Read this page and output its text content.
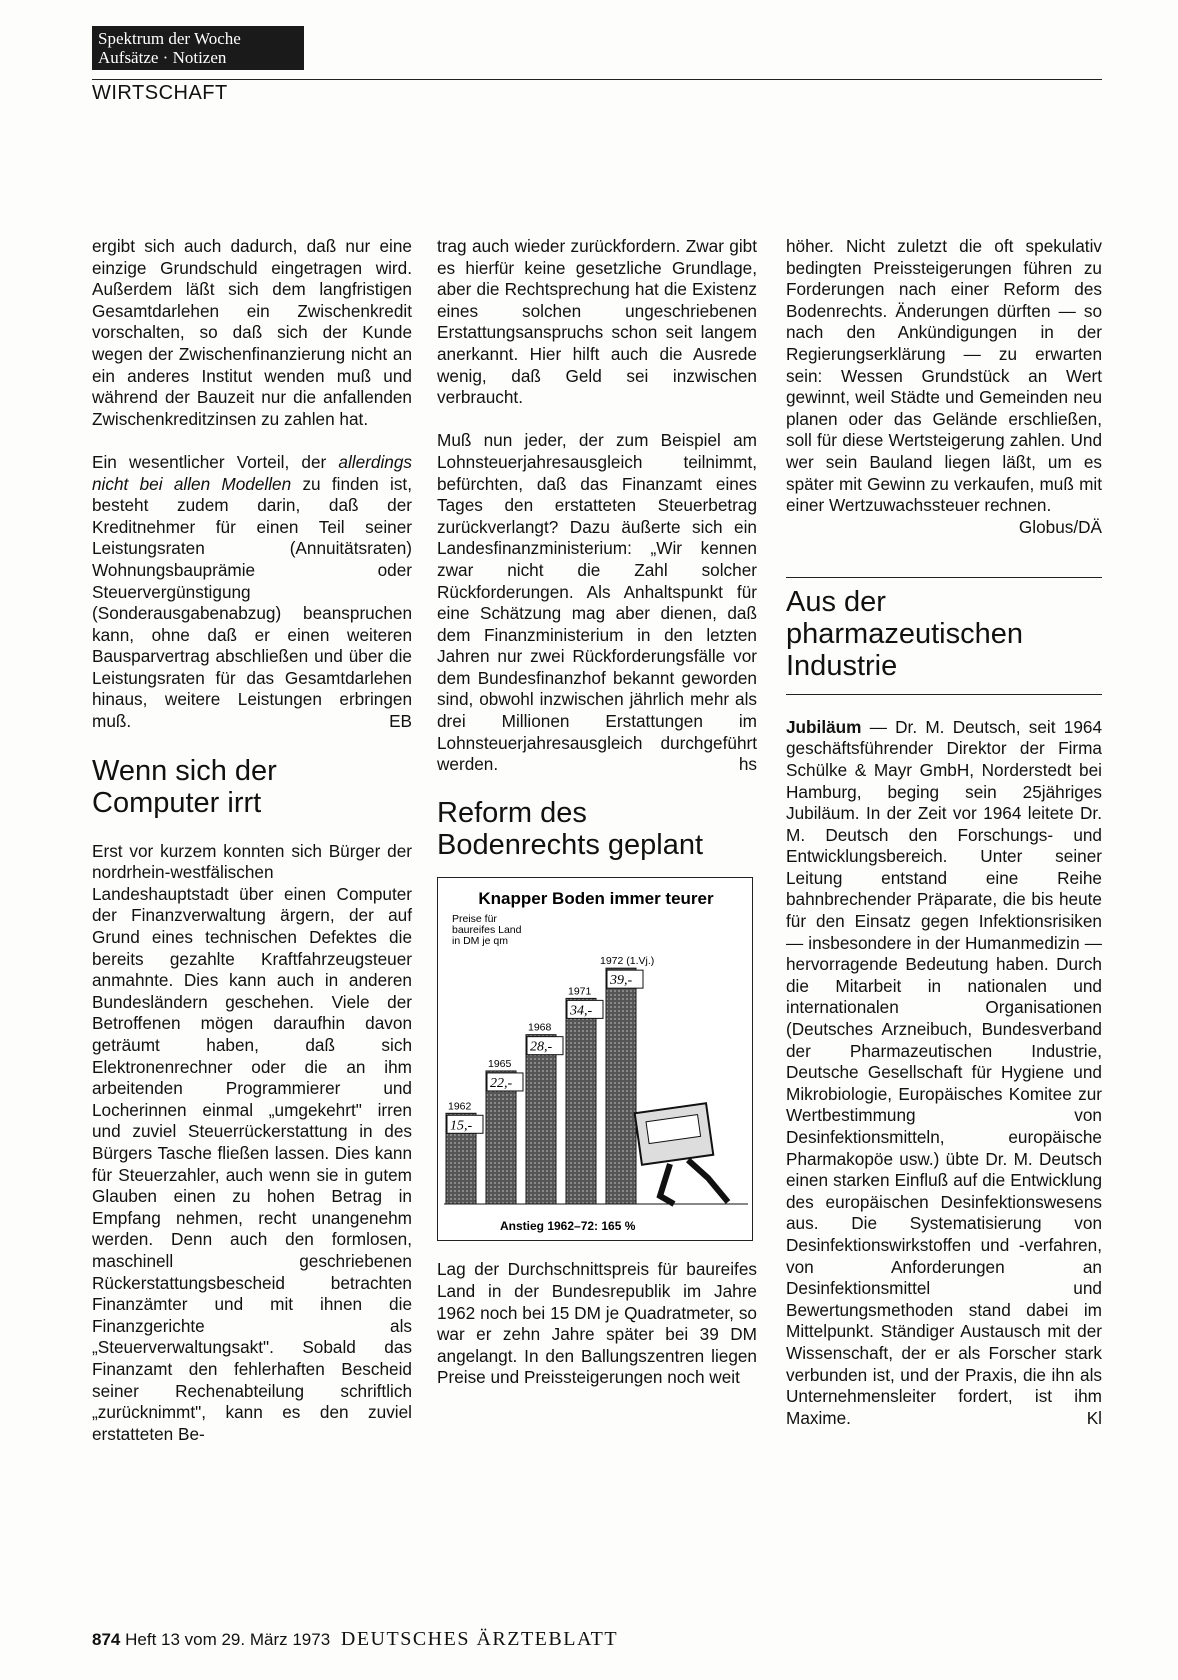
Spektrum der Woche
Aufsätze · Notizen
WIRTSCHAFT

ergibt sich auch dadurch, daß nur eine einzige Grundschuld eingetragen wird. Außerdem läßt sich dem langfristigen Gesamtdarlehen ein Zwischenkredit vorschalten, so daß sich der Kunde wegen der Zwischenfinanzierung nicht an ein anderes Institut wenden muß und während der Bauzeit nur die anfallenden Zwischenkreditzinsen zu zahlen hat.

Ein wesentlicher Vorteil, der allerdings nicht bei allen Modellen zu finden ist, besteht zudem darin, daß der Kreditnehmer für einen Teil seiner Leistungsraten (Annuitätsraten) Wohnungsbauprämie oder Steuervergünstigung (Sonderausgabenabzug) beanspruchen kann, ohne daß er einen weiteren Bausparvertrag abschließen und über die Leistungsraten für das Gesamtdarlehen hinaus, weitere Leistungen erbringen muß.	EB

Wenn sich der Computer irrt

Erst vor kurzem konnten sich Bürger der nordrhein-westfälischen Landeshauptstadt über einen Computer der Finanzverwaltung ärgern, der auf Grund eines technischen Defektes die bereits gezahlte Kraftfahrzeugsteuer anmahnte. Dies kann auch in anderen Bundesländern geschehen. Viele der Betroffenen mögen daraufhin davon geträumt haben, daß sich Elektronenrechner oder die an ihm arbeitenden Programmierer und Locherinnen einmal „umgekehrt" irren und zuviel Steuerrückerstattung in des Bürgers Tasche fließen lassen. Dies kann für Steuerzahler, auch wenn sie in gutem Glauben einen zu hohen Betrag in Empfang nehmen, recht unangenehm werden. Denn auch den formlosen, maschinell geschriebenen Rückerstattungsbescheid betrachten Finanzämter und mit ihnen die Finanzgerichte als „Steuerverwaltungsakt". Sobald das Finanzamt den fehlerhaften Bescheid seiner Rechenabteilung schriftlich „zurücknimmt", kann es den zuviel erstatteten Be-

trag auch wieder zurückfordern. Zwar gibt es hierfür keine gesetzliche Grundlage, aber die Rechtsprechung hat die Existenz eines solchen ungeschriebenen Erstattungsanspruchs schon seit langem anerkannt. Hier hilft auch die Ausrede wenig, daß Geld sei inzwischen verbraucht.

Muß nun jeder, der zum Beispiel am Lohnsteuerjahresausgleich teilnimmt, befürchten, daß das Finanzamt eines Tages den erstatteten Steuerbetrag zurückverlangt? Dazu äußerte sich ein Landesfinanzministerium: „Wir kennen zwar nicht die Zahl solcher Rückforderungen. Als Anhaltspunkt für eine Schätzung mag aber dienen, daß dem Finanzministerium in den letzten Jahren nur zwei Rückforderungsfälle vor dem Bundesfinanzhof bekannt geworden sind, obwohl inzwischen jährlich mehr als drei Millionen Erstattungen im Lohnsteuerjahresausgleich durchgeführt werden.	hs

Reform des Bodenrechts geplant
Knapper Boden immer teurer
Preise für
baureifes Land
in DM je qm
15,-
1962
22,-
1965
28,-
1968
34,-
1971
39,-
1972 (1.Vj.)
Anstieg 1962–72: 165 %

Lag der Durchschnittspreis für baureifes Land in der Bundesrepublik im Jahre 1962 noch bei 15 DM je Quadratmeter, so war er zehn Jahre später bei 39 DM angelangt. In den Ballungszentren liegen Preise und Preissteigerungen noch weit

höher. Nicht zuletzt die oft spekulativ bedingten Preissteigerungen führen zu Forderungen nach einer Reform des Bodenrechts. Änderungen dürften — so nach den Ankündigungen in der Regierungserklärung — zu erwarten sein: Wessen Grundstück an Wert gewinnt, weil Städte und Gemeinden neu planen oder das Gelände erschließen, soll für diese Wertsteigerung zahlen. Und wer sein Bauland liegen läßt, um es später mit Gewinn zu verkaufen, muß mit einer Wertzuwachssteuer rechnen.
Globus/DÄ

Aus der pharmazeutischen Industrie

Jubiläum — Dr. M. Deutsch, seit 1964 geschäftsführender Direktor der Firma Schülke & Mayr GmbH, Norderstedt bei Hamburg, beging sein 25jähriges Jubiläum. In der Zeit vor 1964 leitete Dr. M. Deutsch den Forschungs- und Entwicklungsbereich. Unter seiner Leitung entstand eine Reihe bahnbrechender Präparate, die bis heute für den Einsatz gegen Infektionsrisiken — insbesondere in der Humanmedizin — hervorragende Bedeutung haben. Durch die Mitarbeit in nationalen und internationalen Organisationen (Deutsches Arzneibuch, Bundesverband der Pharmazeutischen Industrie, Deutsche Gesellschaft für Hygiene und Mikrobiologie, Europäisches Komitee zur Wertbestimmung von Desinfektionsmitteln, europäische Pharmakopöe usw.) übte Dr. M. Deutsch einen starken Einfluß auf die Entwicklung des europäischen Desinfektionswesens aus. Die Systematisierung von Desinfektionswirkstoffen und -verfahren, von Anforderungen an Desinfektionsmittel und Bewertungsmethoden stand dabei im Mittelpunkt. Ständiger Austausch mit der Wissenschaft, der er als Forscher stark verbunden ist, und der Praxis, die ihn als Unternehmensleiter fordert, ist ihm Maxime.	Kl

874 Heft 13 vom 29. März 1973 DEUTSCHES ÄRZTEBLATT
